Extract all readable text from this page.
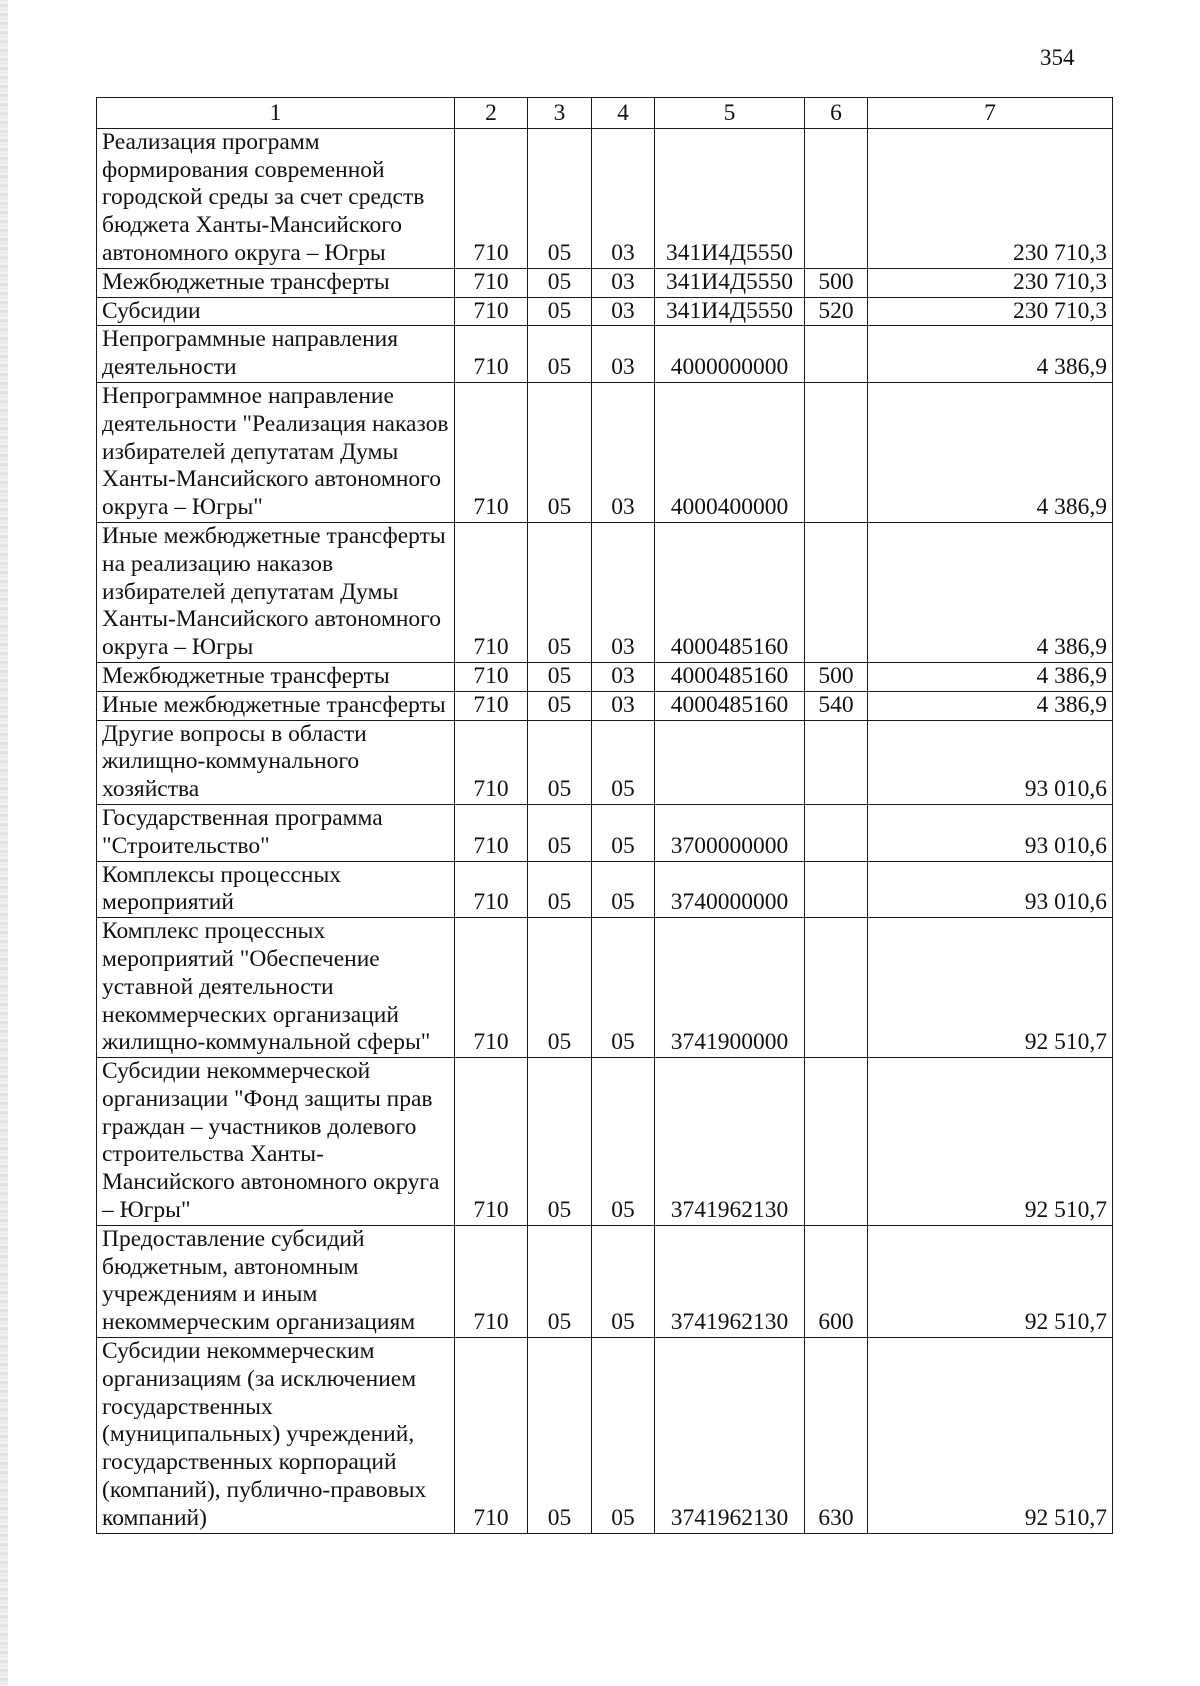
354
1	2	3	4	5	6	7
Реализация программ формирования современной городской среды за счет средств бюджета Ханты-Мансийского автономного округа – Югры	710	05	03	341И4Д5550		230 710,3
Межбюджетные трансферты	710	05	03	341И4Д5550	500	230 710,3
Субсидии	710	05	03	341И4Д5550	520	230 710,3
Непрограммные направления деятельности	710	05	03	4000000000		4 386,9
Непрограммное направление деятельности "Реализация наказов избирателей депутатам Думы Ханты-Мансийского автономного округа – Югры"	710	05	03	4000400000		4 386,9
Иные межбюджетные трансферты на реализацию наказов избирателей депутатам Думы Ханты-Мансийского автономного округа – Югры	710	05	03	4000485160		4 386,9
Межбюджетные трансферты	710	05	03	4000485160	500	4 386,9
Иные межбюджетные трансферты	710	05	03	4000485160	540	4 386,9
Другие вопросы в области жилищно-коммунального хозяйства	710	05	05			93 010,6
Государственная программа "Строительство"	710	05	05	3700000000		93 010,6
Комплексы процессных мероприятий	710	05	05	3740000000		93 010,6
Комплекс процессных мероприятий "Обеспечение уставной деятельности некоммерческих организаций жилищно-коммунальной сферы"	710	05	05	3741900000		92 510,7
Субсидии некоммерческой организации "Фонд защиты прав граждан – участников долевого строительства Ханты-Мансийского автономного округа – Югры"	710	05	05	3741962130		92 510,7
Предоставление субсидий бюджетным, автономным учреждениям и иным некоммерческим организациям	710	05	05	3741962130	600	92 510,7
Субсидии некоммерческим организациям (за исключением государственных (муниципальных) учреждений, государственных корпораций (компаний), публично-правовых компаний)	710	05	05	3741962130	630	92 510,7
